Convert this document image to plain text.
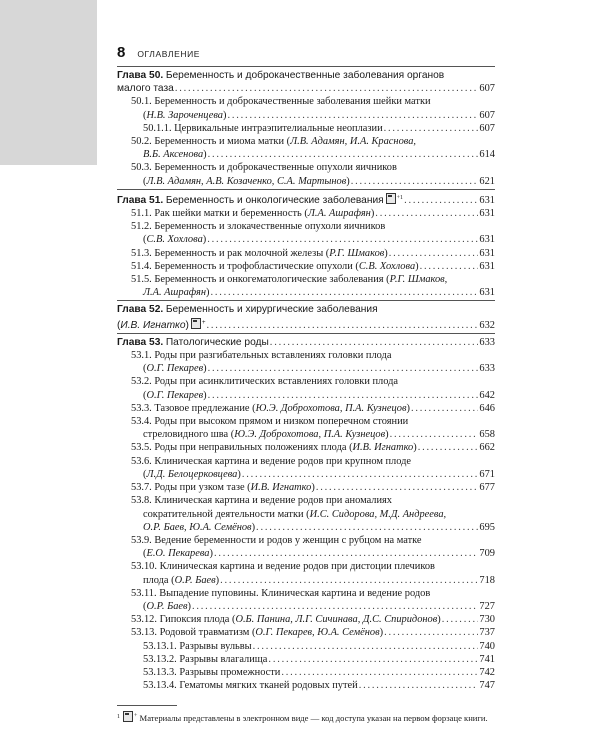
8 ОГЛАВЛЕНИЕ
Глава 50. Беременность и доброкачественные заболевания органов
малого таза . . .	607
50.1. Беременность и доброкачественные заболевания шейки матки
(Н.В. Зароченцева) . . .	607
50.1.1. Цервикальные интраэпителиальные неоплазии . . .	607
50.2. Беременность и миома матки (Л.В. Адамян, И.А. Краснова,
В.Б. Аксенова) . . .	614
50.3. Беременность и доброкачественные опухоли яичников
(Л.В. Адамян, А.В. Козаченко, С.А. Мартынов) . . .	621
Глава 51. Беременность и онкологические заболевания $^{+1}$ . . .	631
51.1. Рак шейки матки и беременность (Л.А. Ашрафян) . . .	631
51.2. Беременность и злокачественные опухоли яичников
(С.В. Хохлова) . . .	631
51.3. Беременность и рак молочной железы (Р.Г. Шмаков) . . .	631
51.4. Беременность и трофобластические опухоли (С.В. Хохлова) . . .	631
51.5. Беременность и онкогематологические заболевания (Р.Г. Шмаков,
Л.А. Ашрафян) . . .	631
Глава 52. Беременность и хирургические заболевания
(И.В. Игнатко) + . . .	632
Глава 53. Патологические роды . . .	633
53.1. Роды при разгибательных вставлениях головки плода
(О.Г. Пекарев) . . .	633
53.2. Роды при асинклитических вставлениях головки плода
(О.Г. Пекарев) . . .	642
53.3. Тазовое предлежание (Ю.Э. Доброхотова, П.А. Кузнецов) . . .	646
53.4. Роды при высоком прямом и низком поперечном стоянии
стреловидного шва (Ю.Э. Доброхотова, П.А. Кузнецов) . . .	658
53.5. Роды при неправильных положениях плода (И.В. Игнатко) . . .	662
53.6. Клиническая картина и ведение родов при крупном плоде
(Л.Д. Белоцерковцева) . . .	671
53.7. Роды при узком тазе (И.В. Игнатко) . . .	677
53.8. Клиническая картина и ведение родов при аномалиях
сократительной деятельности матки (И.С. Сидорова, М.Д. Андреева,
О.Р. Баев, Ю.А. Семёнов) . . .	695
53.9. Ведение беременности и родов у женщин с рубцом на матке
(Е.О. Пекарева) . . .	709
53.10. Клиническая картина и ведение родов при дистоции плечиков
плода (О.Р. Баев) . . .	718
53.11. Выпадение пуповины. Клиническая картина и ведение родов
(О.Р. Баев) . . .	727
53.12. Гипоксия плода (О.Б. Панина, Л.Г. Сичинава, Д.С. Спиридонов) . . .	730
53.13. Родовой травматизм (О.Г. Пекарев, Ю.А. Семёнов) . . .	737
53.13.1. Разрывы вульвы . . .	740
53.13.2. Разрывы влагалища . . .	741
53.13.3. Разрывы промежности . . .	742
53.13.4. Гематомы мягких тканей родовых путей . . .	747
$^1$ + Материалы представлены в электронном виде — код доступа указан на первом форзаце книги.
